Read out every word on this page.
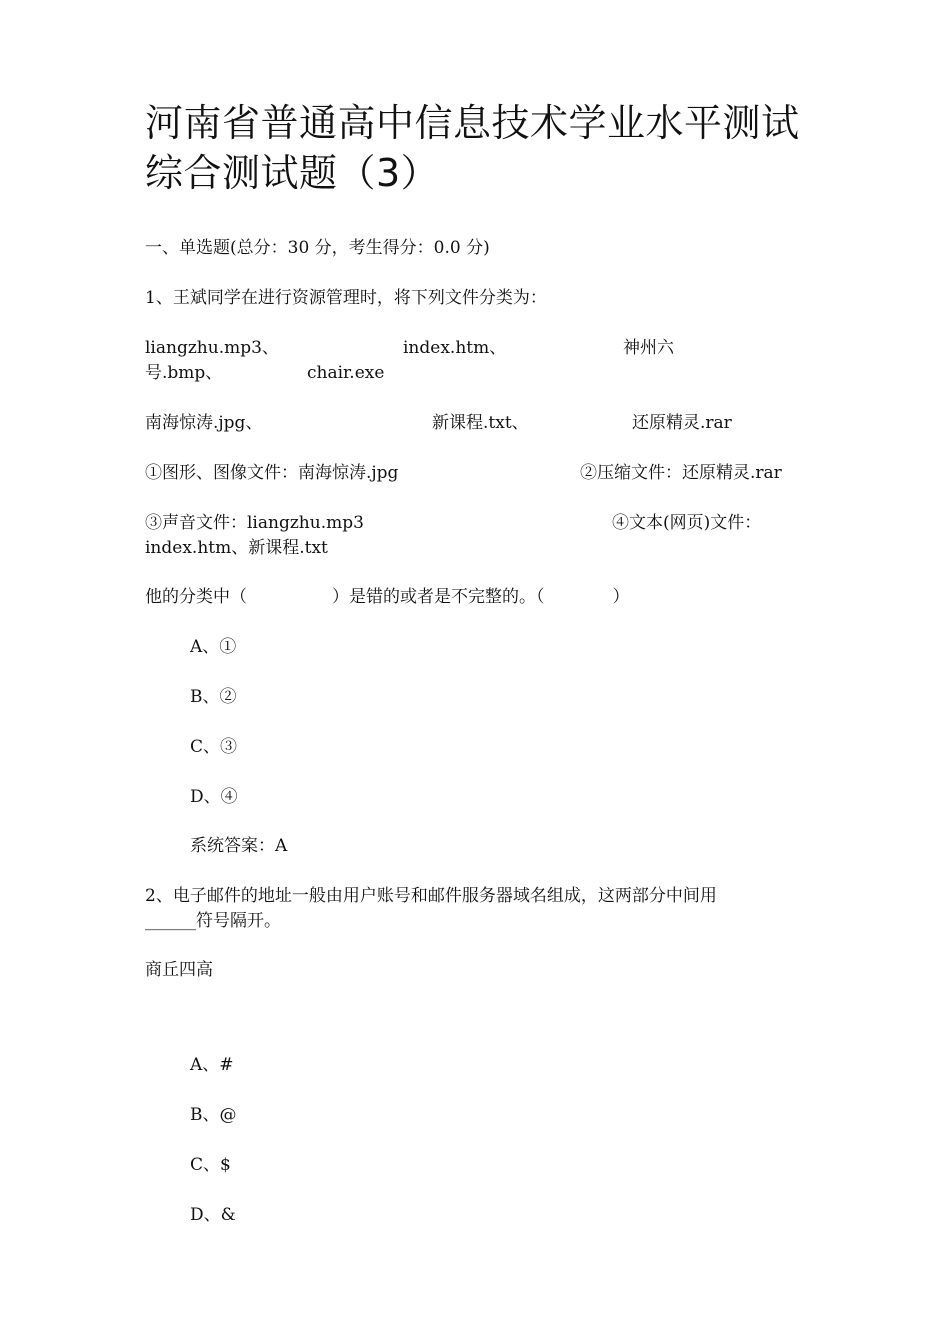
河南省普通高中信息技术学业水平测试
综合测试题（3）
一、单选题(总分：30 分，考生得分：0.0 分)
1、王斌同学在进行资源管理时，将下列文件分类为：
liangzhu.mp3、	index.htm、	神州六
号.bmp、	chair.exe
南海惊涛.jpg、	新课程.txt、	还原精灵.rar
①图形、图像文件：南海惊涛.jpg	②压缩文件：还原精灵.rar
③声音文件：liangzhu.mp3	④文本(网页)文件：
index.htm、新课程.txt
他的分类中（　　　　　）是错的或者是不完整的。（　　　　）
A、①
B、②
C、③
D、④
系统答案：A
2、电子邮件的地址一般由用户账号和邮件服务器域名组成，这两部分中间用
______符号隔开。
商丘四高
A、#
B、@
C、$
D、&
